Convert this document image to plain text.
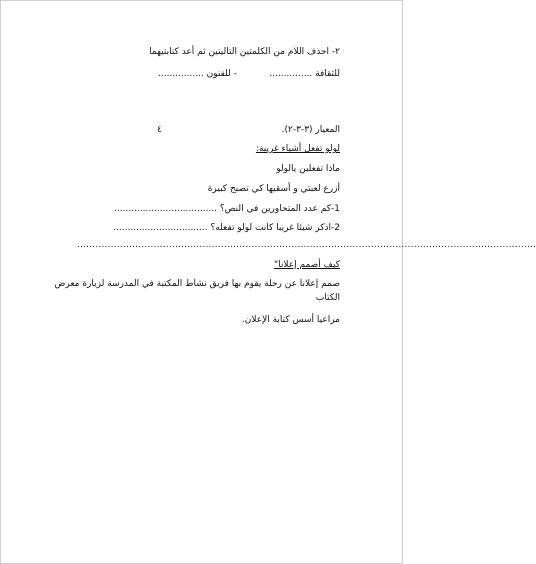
٢- احذف اللام من الكلمتين التاليتين ثم أعد كتابتيهما
للثقافة ...............
- للفنون ................
المعيار (٣-٣-٢).
٤
لولو تفعل أشياء غريبة:
ماذا تفعلين يالولو
أزرع لعبتي و أسقيها كي تصبح كبيرة
1-كم عدد المتحاورين في النص؟ ....................................
2-اذكر شيئا غريبا كانت لولو تفعله؟ .................................
......................................................................................................................................................
كيف أصمم إعلانا"
صمم إعلانا عن رحلة يقوم بها فريق نشاط المكتبة في المدرسة لزيارة معرض
الكتاب
مراعيا أسس كتابة الإعلان.
